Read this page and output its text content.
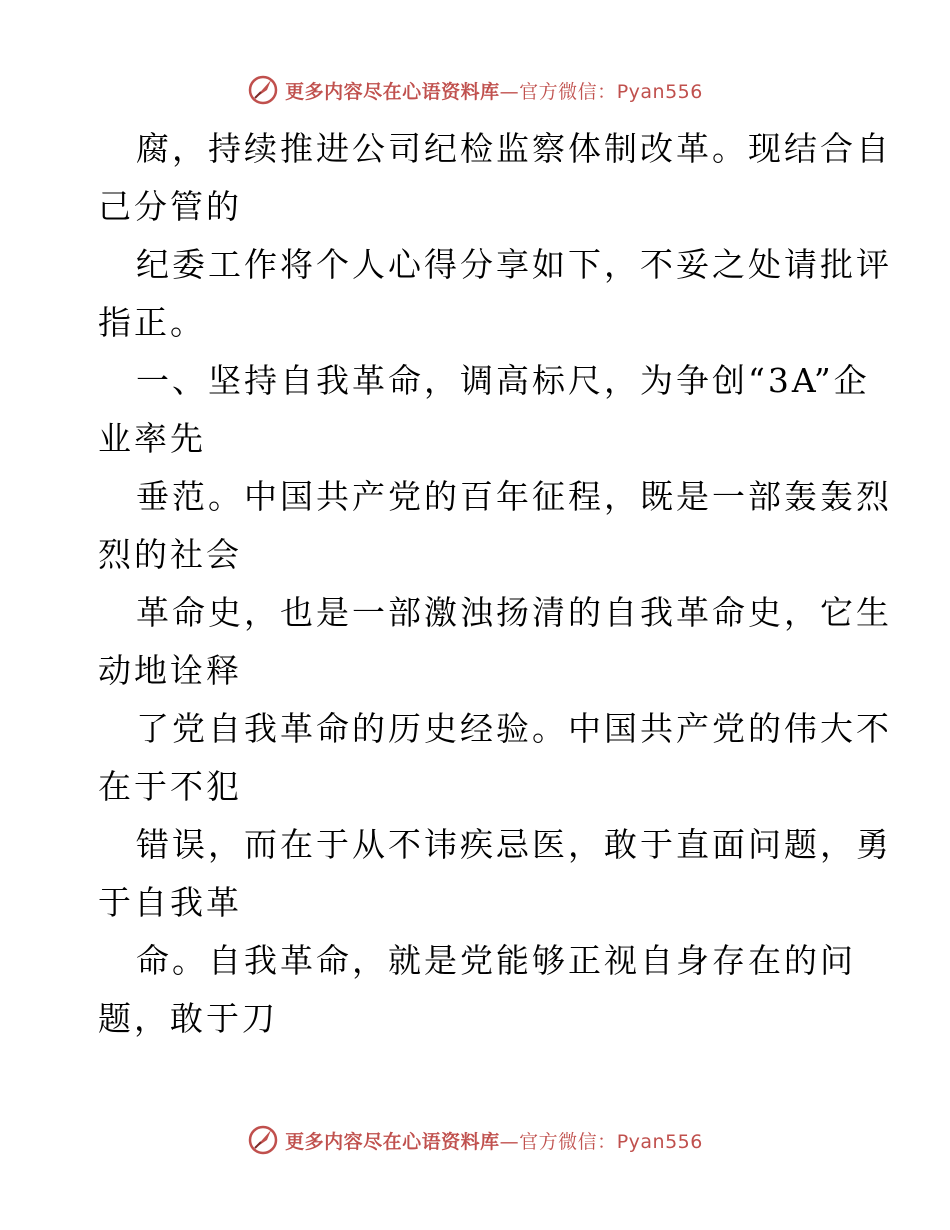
更多内容尽在心语资料库—官方微信：Pyan556
腐，持续推进公司纪检监察体制改革。现结合自
己分管的
纪委工作将个人心得分享如下，不妥之处请批评
指正。
一、坚持自我革命，调高标尺，为争创“3A”企
业率先
垂范。中国共产党的百年征程，既是一部轰轰烈
烈的社会
革命史，也是一部激浊扬清的自我革命史，它生
动地诠释
了党自我革命的历史经验。中国共产党的伟大不
在于不犯
错误，而在于从不讳疾忌医，敢于直面问题，勇
于自我革
命。自我革命，就是党能够正视自身存在的问
题，敢于刀
更多内容尽在心语资料库—官方微信：Pyan556
